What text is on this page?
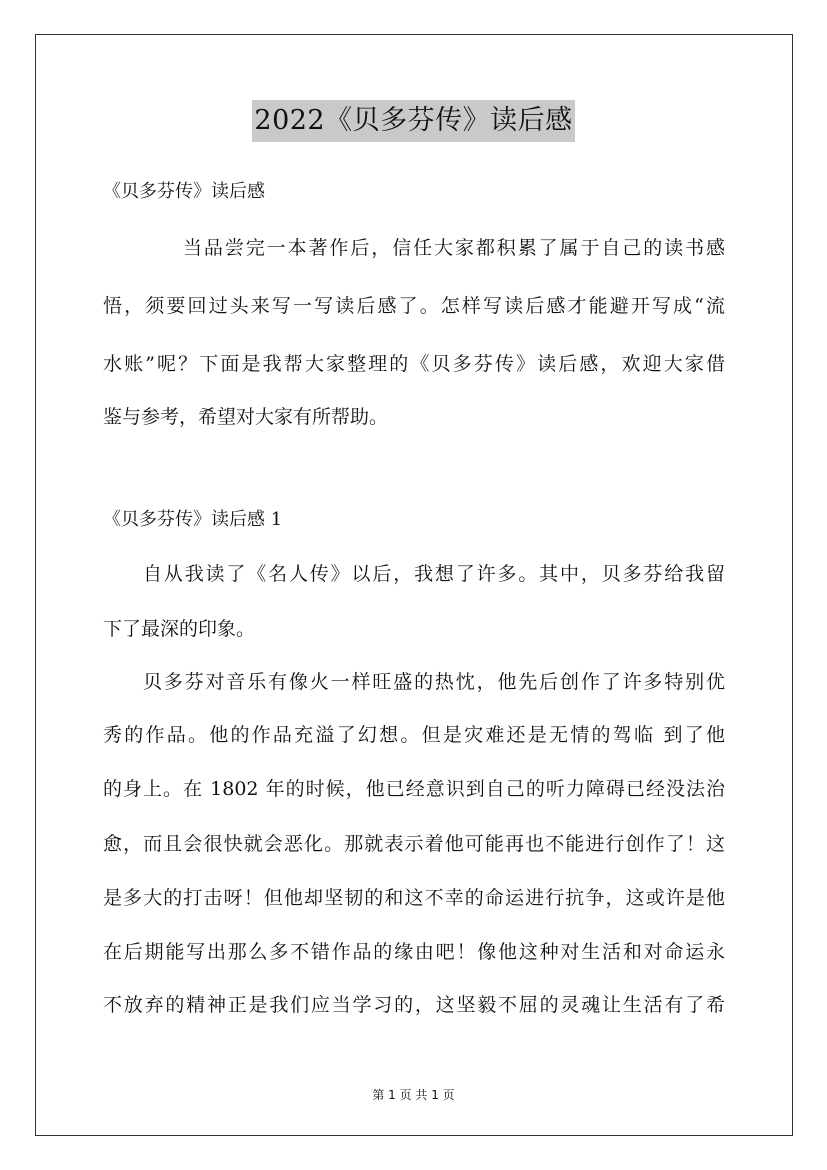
2022《贝多芬传》读后感
《贝多芬传》读后感
当品尝完一本著作后，信任大家都积累了属于自己的读书感
悟，须要回过头来写一写读后感了。怎样写读后感才能避开写成“流
水账”呢？下面是我帮大家整理的《贝多芬传》读后感，欢迎大家借
鉴与参考，希望对大家有所帮助。
《贝多芬传》读后感 1
自从我读了《名人传》以后，我想了许多。其中，贝多芬给我留
下了最深的印象。
贝多芬对音乐有像火一样旺盛的热忱，他先后创作了许多特别优
秀的作品。他的作品充溢了幻想。但是灾难还是无情的驾临 到了他
的身上。在 1802 年的时候，他已经意识到自己的听力障碍已经没法治
愈，而且会很快就会恶化。那就表示着他可能再也不能进行创作了！这
是多大的打击呀！但他却坚韧的和这不幸的命运进行抗争，这或许是他
在后期能写出那么多不错作品的缘由吧！像他这种对生活和对命运永
不放弃的精神正是我们应当学习的，这坚毅不屈的灵魂让生活有了希
第 1 页 共 1 页
